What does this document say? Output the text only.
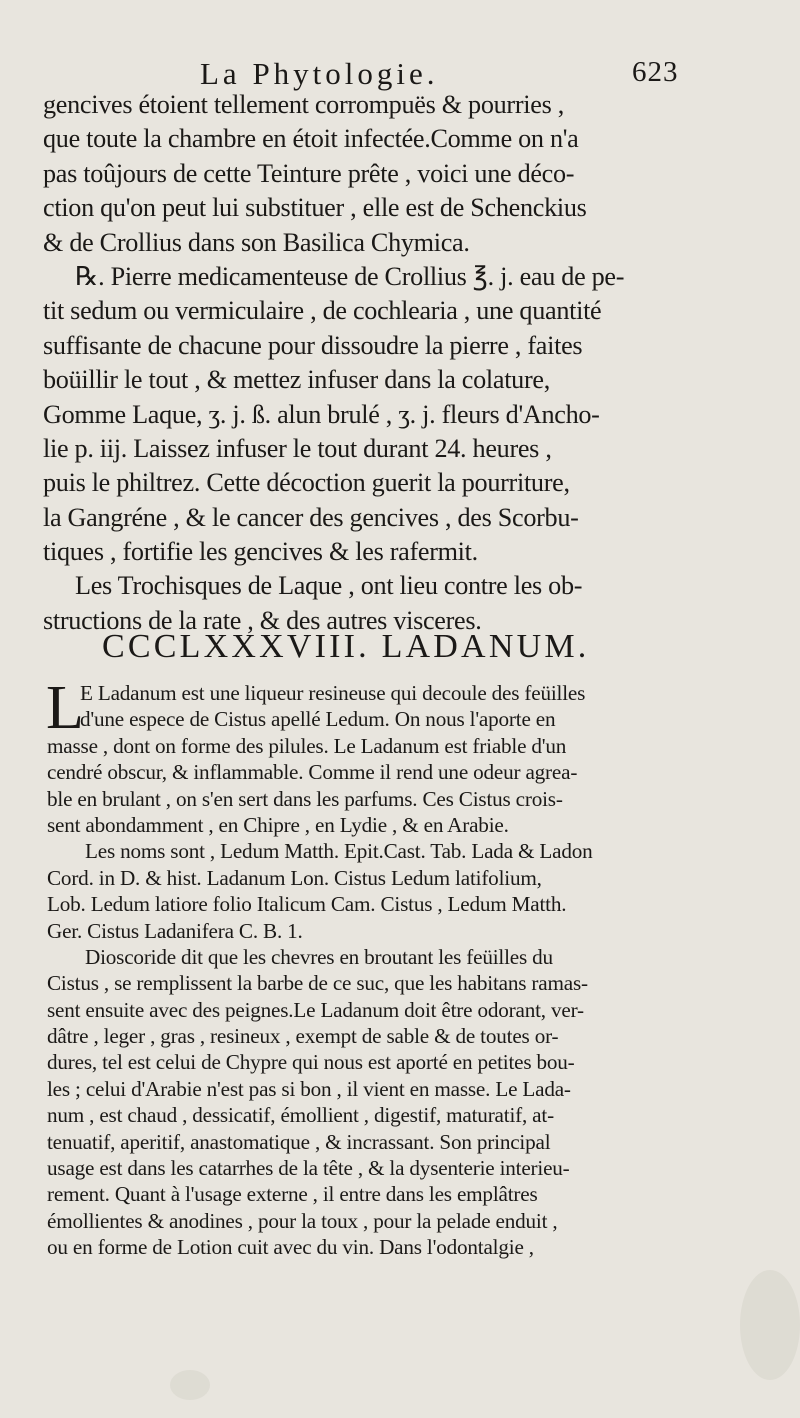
La Phytologie.	623
gencives étoient tellement corrompuës & pourries ,
que toute la chambre en étoit infectée.Comme on n'a
pas toûjours de cette Teinture prête , voici une déco-
ction qu'on peut lui substituer , elle est de Schenckius
& de Crollius dans son Basilica Chymica.
℞. Pierre medicamenteuse de Crollius ℥. j. eau de pe-
tit sedum ou vermiculaire , de cochlearia , une quantité
suffisante de chacune pour dissoudre la pierre , faites
boüillir le tout , & mettez infuser dans la colature,
Gomme Laque, ʒ. j. ß. alun brulé , ʒ. j. fleurs d'Ancho-
lie p. iij. Laissez infuser le tout durant 24. heures ,
puis le philtrez. Cette décoction guerit la pourriture,
la Gangréne , & le cancer des gencives , des Scorbu-
tiques , fortifie les gencives & les rafermit.
Les Trochisques de Laque , ont lieu contre les ob-
structions de la rate , & des autres visceres.
CCCLXXXVIII. LADANUM.
L
E Ladanum est une liqueur resineuse qui decoule des feüilles
d'une espece de Cistus apellé Ledum. On nous l'aporte en
masse , dont on forme des pilules. Le Ladanum est friable d'un
cendré obscur, & inflammable. Comme il rend une odeur agrea-
ble en brulant , on s'en sert dans les parfums. Ces Cistus crois-
sent abondamment , en Chipre , en Lydie , & en Arabie.
Les noms sont , Ledum Matth. Epit.Cast. Tab. Lada & Ladon
Cord. in D. & hist. Ladanum Lon. Cistus Ledum latifolium,
Lob. Ledum latiore folio Italicum Cam. Cistus , Ledum Matth.
Ger. Cistus Ladanifera C. B. 1.
Dioscoride dit que les chevres en broutant les feüilles du
Cistus , se remplissent la barbe de ce suc, que les habitans ramas-
sent ensuite avec des peignes.Le Ladanum doit être odorant, ver-
dâtre , leger , gras , resineux , exempt de sable & de toutes or-
dures, tel est celui de Chypre qui nous est aporté en petites bou-
les ; celui d'Arabie n'est pas si bon , il vient en masse. Le Lada-
num , est chaud , dessicatif, émollient , digestif, maturatif, at-
tenuatif, aperitif, anastomatique , & incrassant. Son principal
usage est dans les catarrhes de la tête , & la dysenterie interieu-
rement. Quant à l'usage externe , il entre dans les emplâtres
émollientes & anodines , pour la toux , pour la pelade enduit ,
ou en forme de Lotion cuit avec du vin. Dans l'odontalgie ,
